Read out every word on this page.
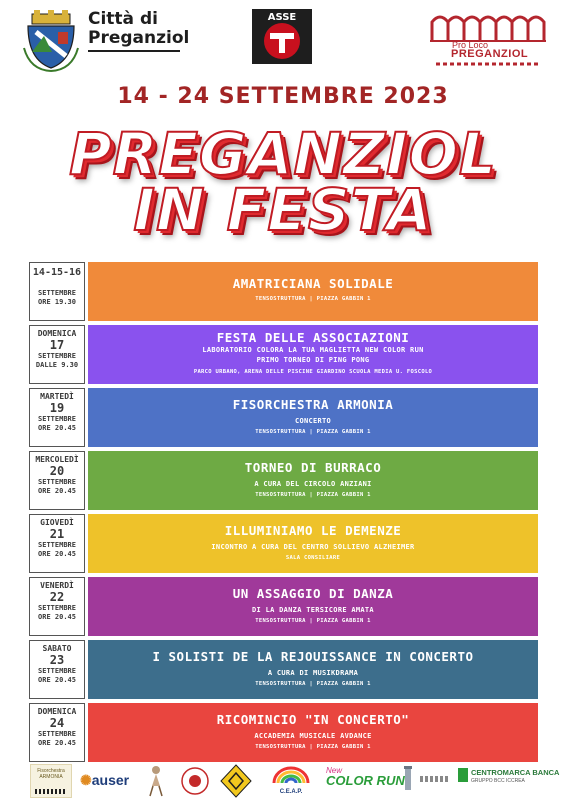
Città di
Preganziol
ASSE
Pro Loco
PREGANZIOL
14 - 24 SETTEMBRE 2023
PREGANZIOL
IN FESTA
14-15-16
SETTEMBRE
ORE 19.30
AMATRICIANA SOLIDALE
TENSOSTRUTTURA | PIAZZA GABBIN 1
DOMENICA
17
SETTEMBRE
DALLE 9.30
FESTA DELLE ASSOCIAZIONI
LABORATORIO COLORA LA TUA MAGLIETTA NEW COLOR RUN
PRIMO TORNEO DI PING PONG
PARCO URBANO, ARENA DELLE PISCINE GIARDINO SCUOLA MEDIA U. FOSCOLO
MARTEDÌ
19
SETTEMBRE
ORE 20.45
FISORCHESTRA ARMONIA
CONCERTO
TENSOSTRUTTURA | PIAZZA GABBIN 1
MERCOLEDÌ
20
SETTEMBRE
ORE 20.45
TORNEO DI BURRACO
A CURA DEL CIRCOLO ANZIANI
TENSOSTRUTTURA | PIAZZA GABBIN 1
GIOVEDÌ
21
SETTEMBRE
ORE 20.45
ILLUMINIAMO LE DEMENZE
INCONTRO A CURA DEL CENTRO SOLLIEVO ALZHEIMER
SALA CONSILIARE
VENERDÌ
22
SETTEMBRE
ORE 20.45
UN ASSAGGIO DI DANZA
DI LA DANZA TERSICORE AMATA
TENSOSTRUTTURA | PIAZZA GABBIN 1
SABATO
23
SETTEMBRE
ORE 20.45
I SOLISTI DE LA REJOUISSANCE IN CONCERTO
A CURA DI MUSIKDRAMA
TENSOSTRUTTURA | PIAZZA GABBIN 1
DOMENICA
24
SETTEMBRE
ORE 20.45
RICOMINCIO "IN CONCERTO"
ACCADEMIA MUSICALE AVDANCE
TENSOSTRUTTURA | PIAZZA GABBIN 1
Fisorchestra ARMONIA	✺auser
C.E.A.P.
New
COLOR RUN
CENTROMARCA BANCA
GRUPPO BCC ICCREA
